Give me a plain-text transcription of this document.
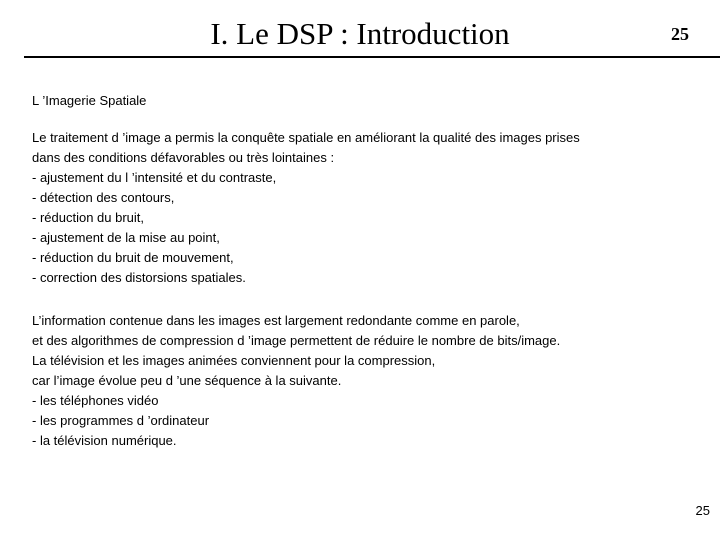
I. Le DSP : Introduction	25
L ’Imagerie Spatiale
Le traitement d ’image a permis la conquête spatiale en améliorant la qualité des images prises
dans des conditions défavorables ou très lointaines :
- ajustement du l ’intensité et du contraste,
- détection des contours,
- réduction du bruit,
- ajustement de la mise au point,
- réduction du bruit de mouvement,
- correction des distorsions spatiales.
L’information contenue dans les images est largement redondante comme en parole,
et des algorithmes de compression d ’image permettent de réduire le nombre de bits/image.
La télévision et les images animées conviennent pour la compression,
car l’image évolue peu d ’une séquence à la suivante.
- les téléphones vidéo
- les programmes d ’ordinateur
- la télévision numérique.
25
